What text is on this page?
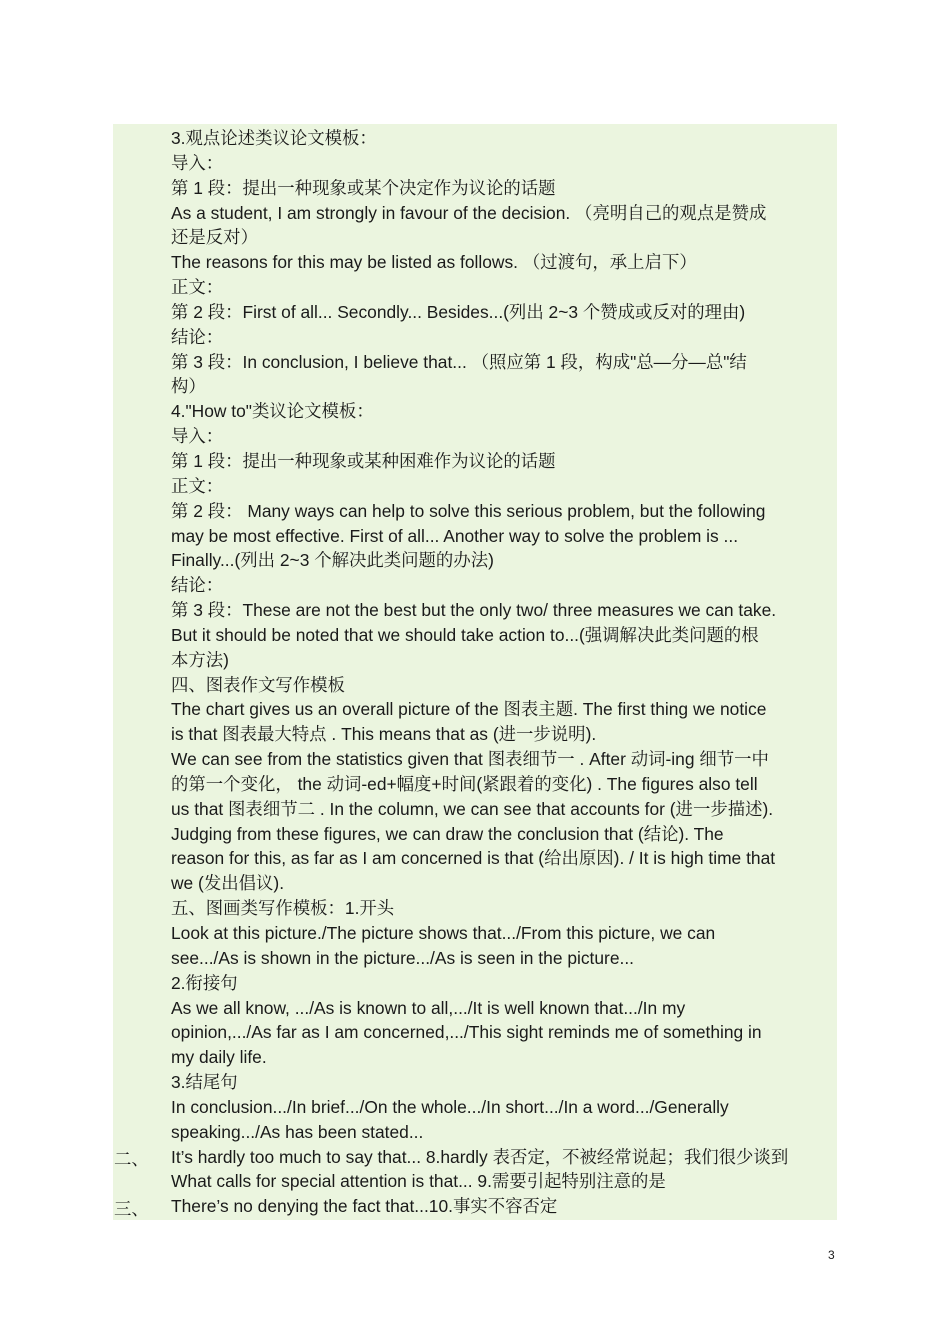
3.观点论述类议论文模板：
导入：
第 1 段：提出一种现象或某个决定作为议论的话题
As a student, I am strongly in favour of the decision. （亮明自己的观点是赞成
还是反对）
The reasons for this may be listed as follows. （过渡句，承上启下）
正文：
第 2 段：First of all... Secondly... Besides...(列出 2~3 个赞成或反对的理由)
结论：
第 3 段：In conclusion, I believe that... （照应第 1 段，构成"总—分—总"结
构）
4."How to"类议论文模板：
导入：
第 1 段：提出一种现象或某种困难作为议论的话题
正文：
第 2 段： Many ways can help to solve this serious problem, but the following
may be most effective. First of all... Another way to solve the problem is ...
Finally...(列出 2~3 个解决此类问题的办法)
结论：
第 3 段：These are not the best but the only two/ three measures we can take.
But it should be noted that we should take action to...(强调解决此类问题的根
本方法)
四、图表作文写作模板
The chart gives us an overall picture of the 图表主题. The first thing we notice
is that 图表最大特点 . This means that as (进一步说明).
We can see from the statistics given that 图表细节一 . After 动词-ing 细节一中
的第一个变化， the 动词-ed+幅度+时间(紧跟着的变化) . The figures also tell
us that 图表细节二 . In the column, we can see that accounts for (进一步描述).
Judging from these figures, we can draw the conclusion that (结论). The
reason for this, as far as I am concerned is that (给出原因). / It is high time that
we (发出倡议).
五、图画类写作模板：1.开头
Look at this picture./The picture shows that.../From this picture, we can
see.../As is shown in the picture.../As is seen in the picture...
2.衔接句
As we all know, .../As is known to all,.../It is well known that.../In my
opinion,.../As far as I am concerned,.../This sight reminds me of something in
my daily life.
3.结尾句
In conclusion.../In brief.../On the whole.../In short.../In a word.../Generally
speaking.../As has been stated...
It’s hardly too much to say that... 8.hardly 表否定，不被经常说起；我们很少谈到
What calls for special attention is that... 9.需要引起特别注意的是
There’s no denying the fact that...10.事实不容否定
二、
三、
3
